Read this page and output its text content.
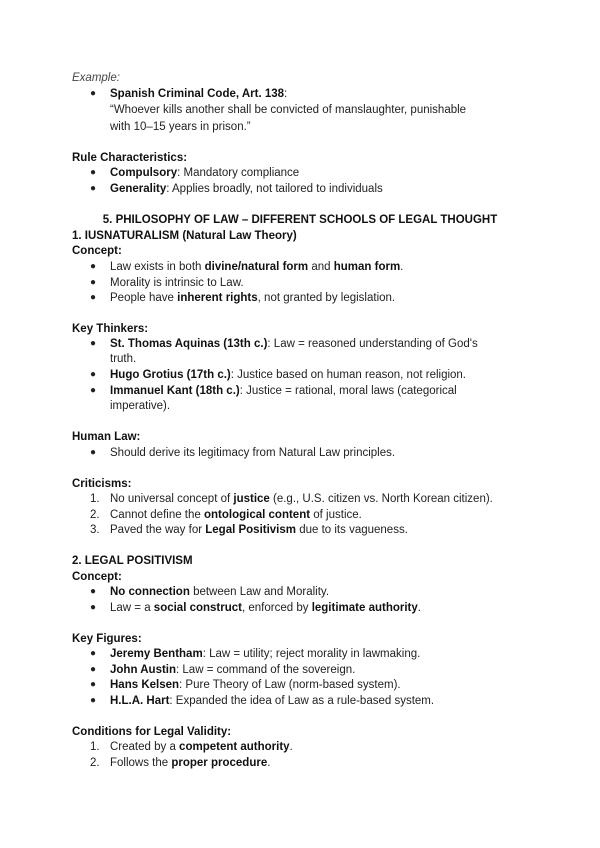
Example:
● Spanish Criminal Code, Art. 138:
“Whoever kills another shall be convicted of manslaughter, punishable
with 10–15 years in prison.”
Rule Characteristics:
● Compulsory: Mandatory compliance
● Generality: Applies broadly, not tailored to individuals
5. PHILOSOPHY OF LAW – DIFFERENT SCHOOLS OF LEGAL THOUGHT
1. IUSNATURALISM (Natural Law Theory)
Concept:
● Law exists in both divine/natural form and human form.
● Morality is intrinsic to Law.
● People have inherent rights, not granted by legislation.
Key Thinkers:
● St. Thomas Aquinas (13th c.): Law = reasoned understanding of God's
truth.
● Hugo Grotius (17th c.): Justice based on human reason, not religion.
● Immanuel Kant (18th c.): Justice = rational, moral laws (categorical
imperative).
Human Law:
● Should derive its legitimacy from Natural Law principles.
Criticisms:
1. No universal concept of justice (e.g., U.S. citizen vs. North Korean citizen).
2. Cannot define the ontological content of justice.
3. Paved the way for Legal Positivism due to its vagueness.
2. LEGAL POSITIVISM
Concept:
● No connection between Law and Morality.
● Law = a social construct, enforced by legitimate authority.
Key Figures:
● Jeremy Bentham: Law = utility; reject morality in lawmaking.
● John Austin: Law = command of the sovereign.
● Hans Kelsen: Pure Theory of Law (norm-based system).
● H.L.A. Hart: Expanded the idea of Law as a rule-based system.
Conditions for Legal Validity:
1. Created by a competent authority.
2. Follows the proper procedure.
